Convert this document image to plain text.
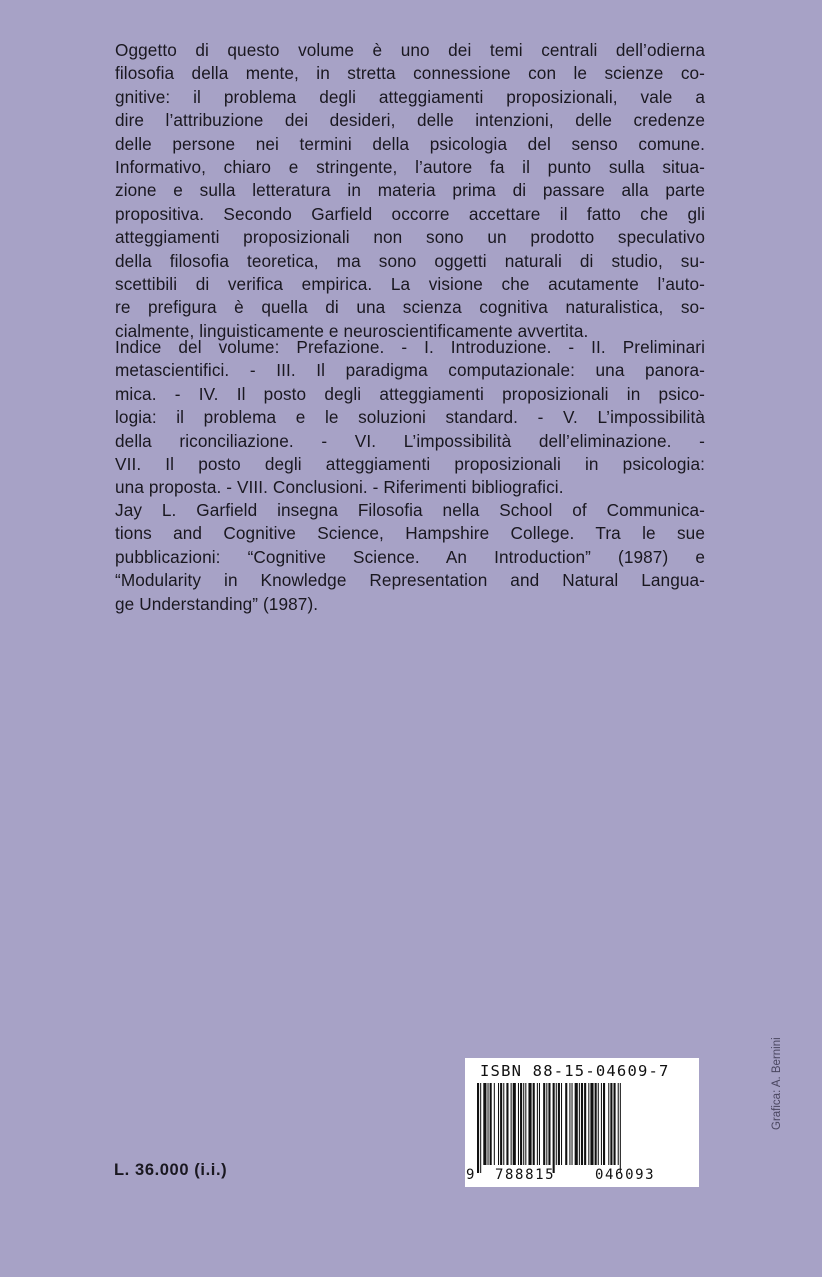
Oggetto di questo volume è uno dei temi centrali dell’odierna
filosofia della mente, in stretta connessione con le scienze co-
gnitive: il problema degli atteggiamenti proposizionali, vale a
dire l’attribuzione dei desideri, delle intenzioni, delle credenze
delle persone nei termini della psicologia del senso comune.
Informativo, chiaro e stringente, l’autore fa il punto sulla situa-
zione e sulla letteratura in materia prima di passare alla parte
propositiva. Secondo Garfield occorre accettare il fatto che gli
atteggiamenti proposizionali non sono un prodotto speculativo
della filosofia teoretica, ma sono oggetti naturali di studio, su-
scettibili di verifica empirica. La visione che acutamente l’auto-
re prefigura è quella di una scienza cognitiva naturalistica, so-
cialmente, linguisticamente e neuroscientificamente avvertita.
Indice del volume: Prefazione. - I. Introduzione. - II. Preliminari
metascientifici. - III. Il paradigma computazionale: una panora-
mica. - IV. Il posto degli atteggiamenti proposizionali in psico-
logia: il problema e le soluzioni standard. - V. L’impossibilità
della riconciliazione. - VI. L’impossibilità dell’eliminazione. -
VII. Il posto degli atteggiamenti proposizionali in psicologia:
una proposta. - VIII. Conclusioni. - Riferimenti bibliografici.
Jay L. Garfield insegna Filosofia nella School of Communica-
tions and Cognitive Science, Hampshire College. Tra le sue
pubblicazioni: “Cognitive Science. An Introduction” (1987) e
“Modularity in Knowledge Representation and Natural Langua-
ge Understanding” (1987).
L. 36.000 (i.i.)
ISBN 88-15-04609-7
9 788815	046093
Grafica: A. Bernini
